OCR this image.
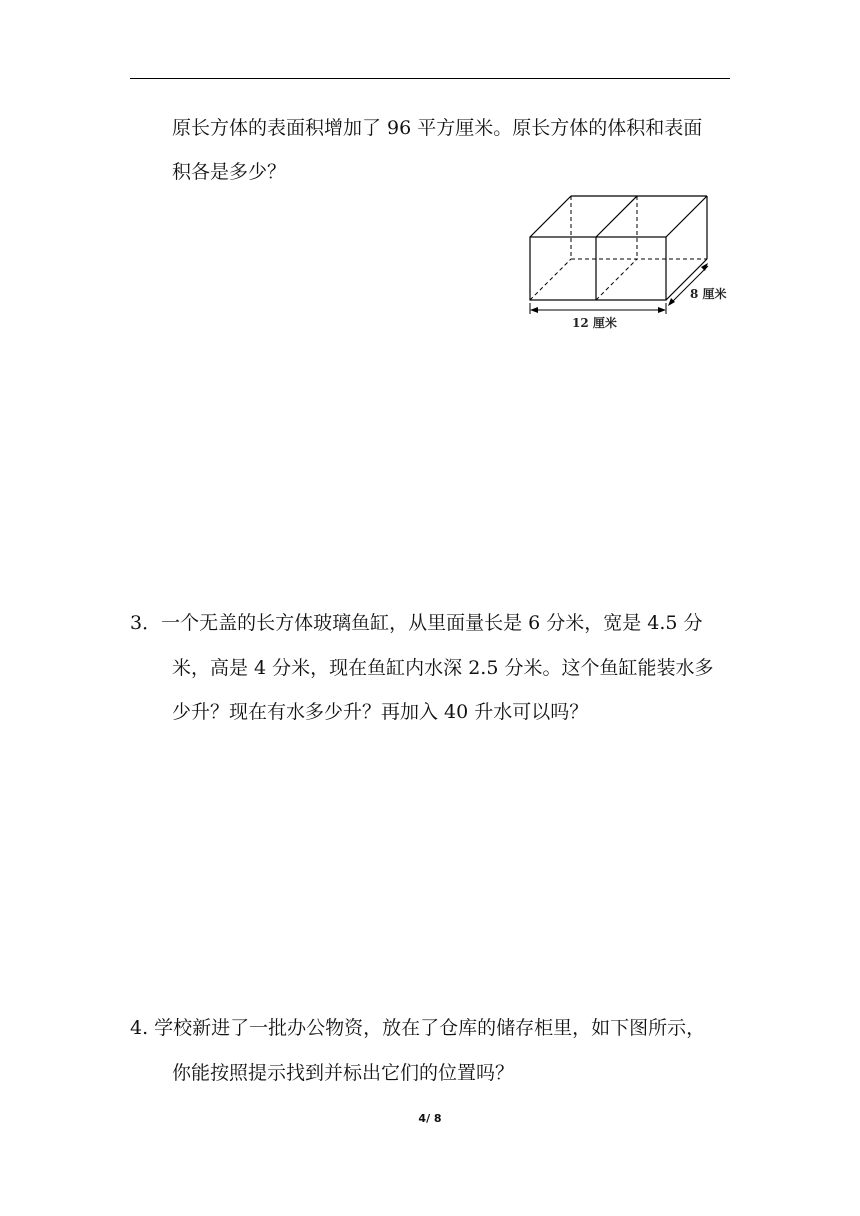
原长方体的表面积增加了 96 平方厘米。原长方体的体积和表面
积各是多少？
12 厘米
8 厘米
3．一个无盖的长方体玻璃鱼缸，从里面量长是 6 分米，宽是 4.5 分
米，高是 4 分米，现在鱼缸内水深 2.5 分米。这个鱼缸能装水多
少升？现在有水多少升？再加入 40 升水可以吗？
4. 学校新进了一批办公物资，放在了仓库的储存柜里，如下图所示，
你能按照提示找到并标出它们的位置吗？
4/ 8
